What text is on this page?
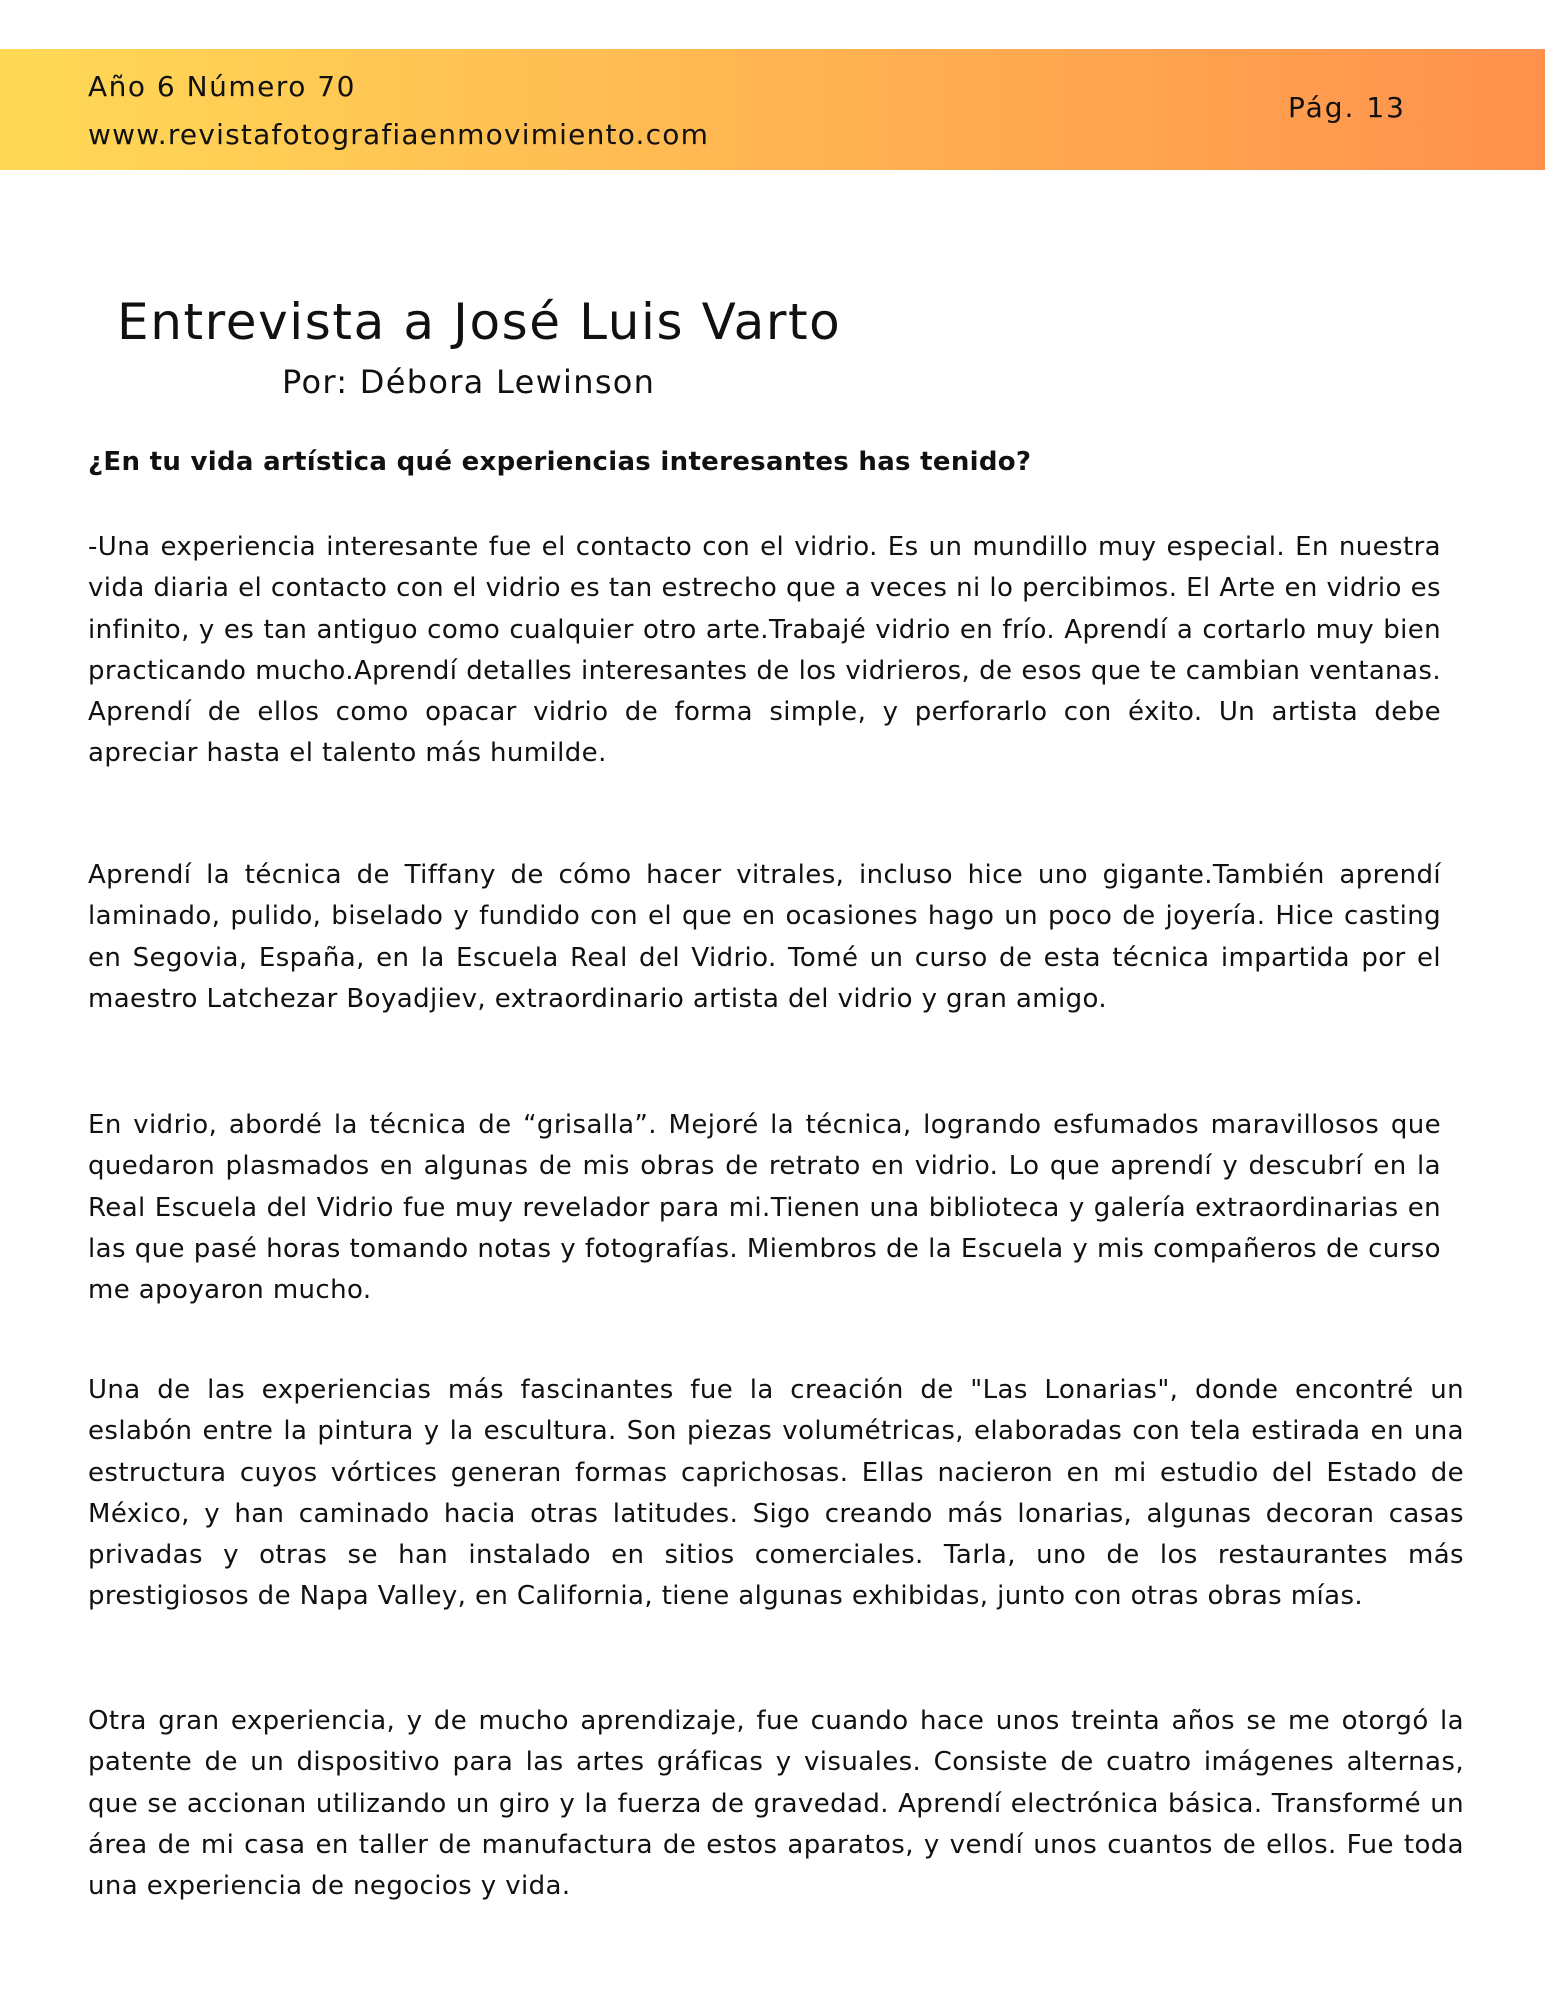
Año 6 Número 70
www.revistafotografiaenmovimiento.com
Pág. 13
Entrevista a José Luis Varto
Por: Débora Lewinson
¿En tu vida artística qué experiencias interesantes has tenido?

-Una experiencia interesante fue el contacto con el vidrio. Es un mundillo muy especial. En nuestra vida diaria el contacto con el vidrio es tan estrecho que a veces ni lo percibimos. El Arte en vidrio es infinito, y es tan antiguo como cualquier otro arte.Trabajé vidrio en frío. Aprendí a cortarlo muy bien practicando mucho.Aprendí detalles interesantes de los vidrieros, de esos que te cambian ventanas. Aprendí de ellos como opacar vidrio de forma simple, y perforarlo con éxito. Un artista debe apreciar hasta el talento más humilde.

Aprendí la técnica de Tiffany de cómo hacer vitrales, incluso hice uno gigante.También aprendí laminado, pulido, biselado y fundido con el que en ocasiones hago un poco de joyería. Hice casting en Segovia, España, en la Escuela Real del Vidrio. Tomé un curso de esta técnica impartida por el maestro Latchezar Boyadjiev, extraordinario artista del vidrio y gran amigo.

En vidrio, abordé la técnica de “grisalla”. Mejoré la técnica, logrando esfumados maravillosos que quedaron plasmados en algunas de mis obras de retrato en vidrio. Lo que aprendí y descubrí en la Real Escuela del Vidrio fue muy revelador para mi.Tienen una biblioteca y galería extraordinarias en las que pasé horas tomando notas y fotografías. Miembros de la Escuela y mis compañeros de curso me apoyaron mucho.

Una de las experiencias más fascinantes fue la creación de "Las Lonarias", donde encontré un eslabón entre la pintura y la escultura. Son piezas volumétricas, elaboradas con tela estirada en una estructura cuyos vórtices generan formas caprichosas. Ellas nacieron en mi estudio del Estado de México, y han caminado hacia otras latitudes. Sigo creando más lonarias, algunas decoran casas privadas y otras se han instalado en sitios comerciales. Tarla, uno de los restaurantes más prestigiosos de Napa Valley, en California, tiene algunas exhibidas, junto con otras obras mías.

Otra gran experiencia, y de mucho aprendizaje, fue cuando hace unos treinta años se me otorgó la patente de un dispositivo para las artes gráficas y visuales. Consiste de cuatro imágenes alternas, que se accionan utilizando un giro y la fuerza de gravedad. Aprendí electrónica básica. Transformé un área de mi casa en taller de manufactura de estos aparatos, y vendí unos cuantos de ellos. Fue toda una experiencia de negocios y vida.
